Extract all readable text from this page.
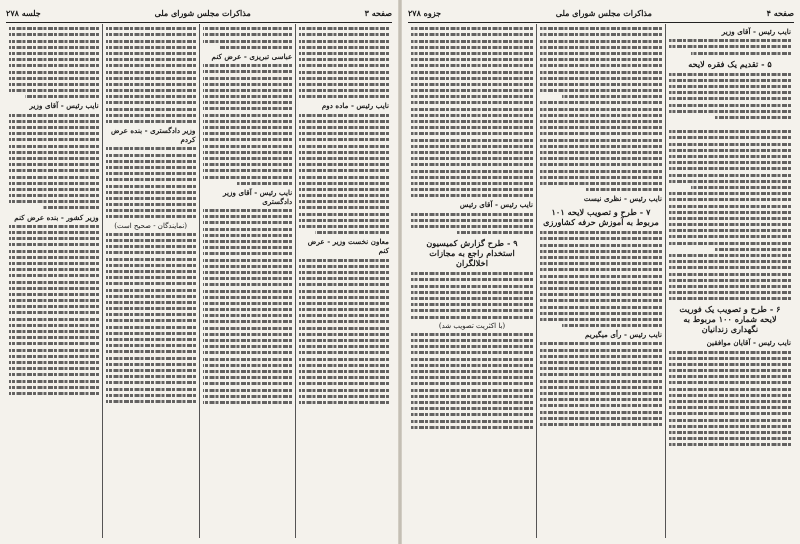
صفحه ۴
مذاکرات مجلس شورای ملی
جزوه ۲۷۸
نایب رئیس - آقای وزیر
۵ - تقدیم یک فقره لایحه
۶ - طرح و تصویب یک فوریت لایحه شماره ۱۰۰ مربوط به نگهداری زندانیان
نایب رئیس - آقایان موافقین
نایب رئیس - نظری نیست
۷ - طرح و تصویب لایحه ۱۰۱ مربوط به آموزش حرفه کشاورزی
نایب رئیس - رأی میگیریم
نایب رئیس - آقای رئیس
۹ - طرح گزارش کمیسیون استخدام راجع به مجازات اخلالگران
(با اکثریت تصویب شد)
صفحه ۳
مذاکرات مجلس شورای ملی
جلسه ۲۷۸
نایب رئیس - ماده دوم
معاون نخست وزیر - عرض کنم
عباسی تبریزی - عرض کنم
نایب رئیس - آقای وزیر دادگستری
وزیر دادگستری - بنده عرض کردم
(نمایندگان - صحیح است)
نایب رئیس - آقای وزیر
وزیر کشور - بنده عرض کنم
